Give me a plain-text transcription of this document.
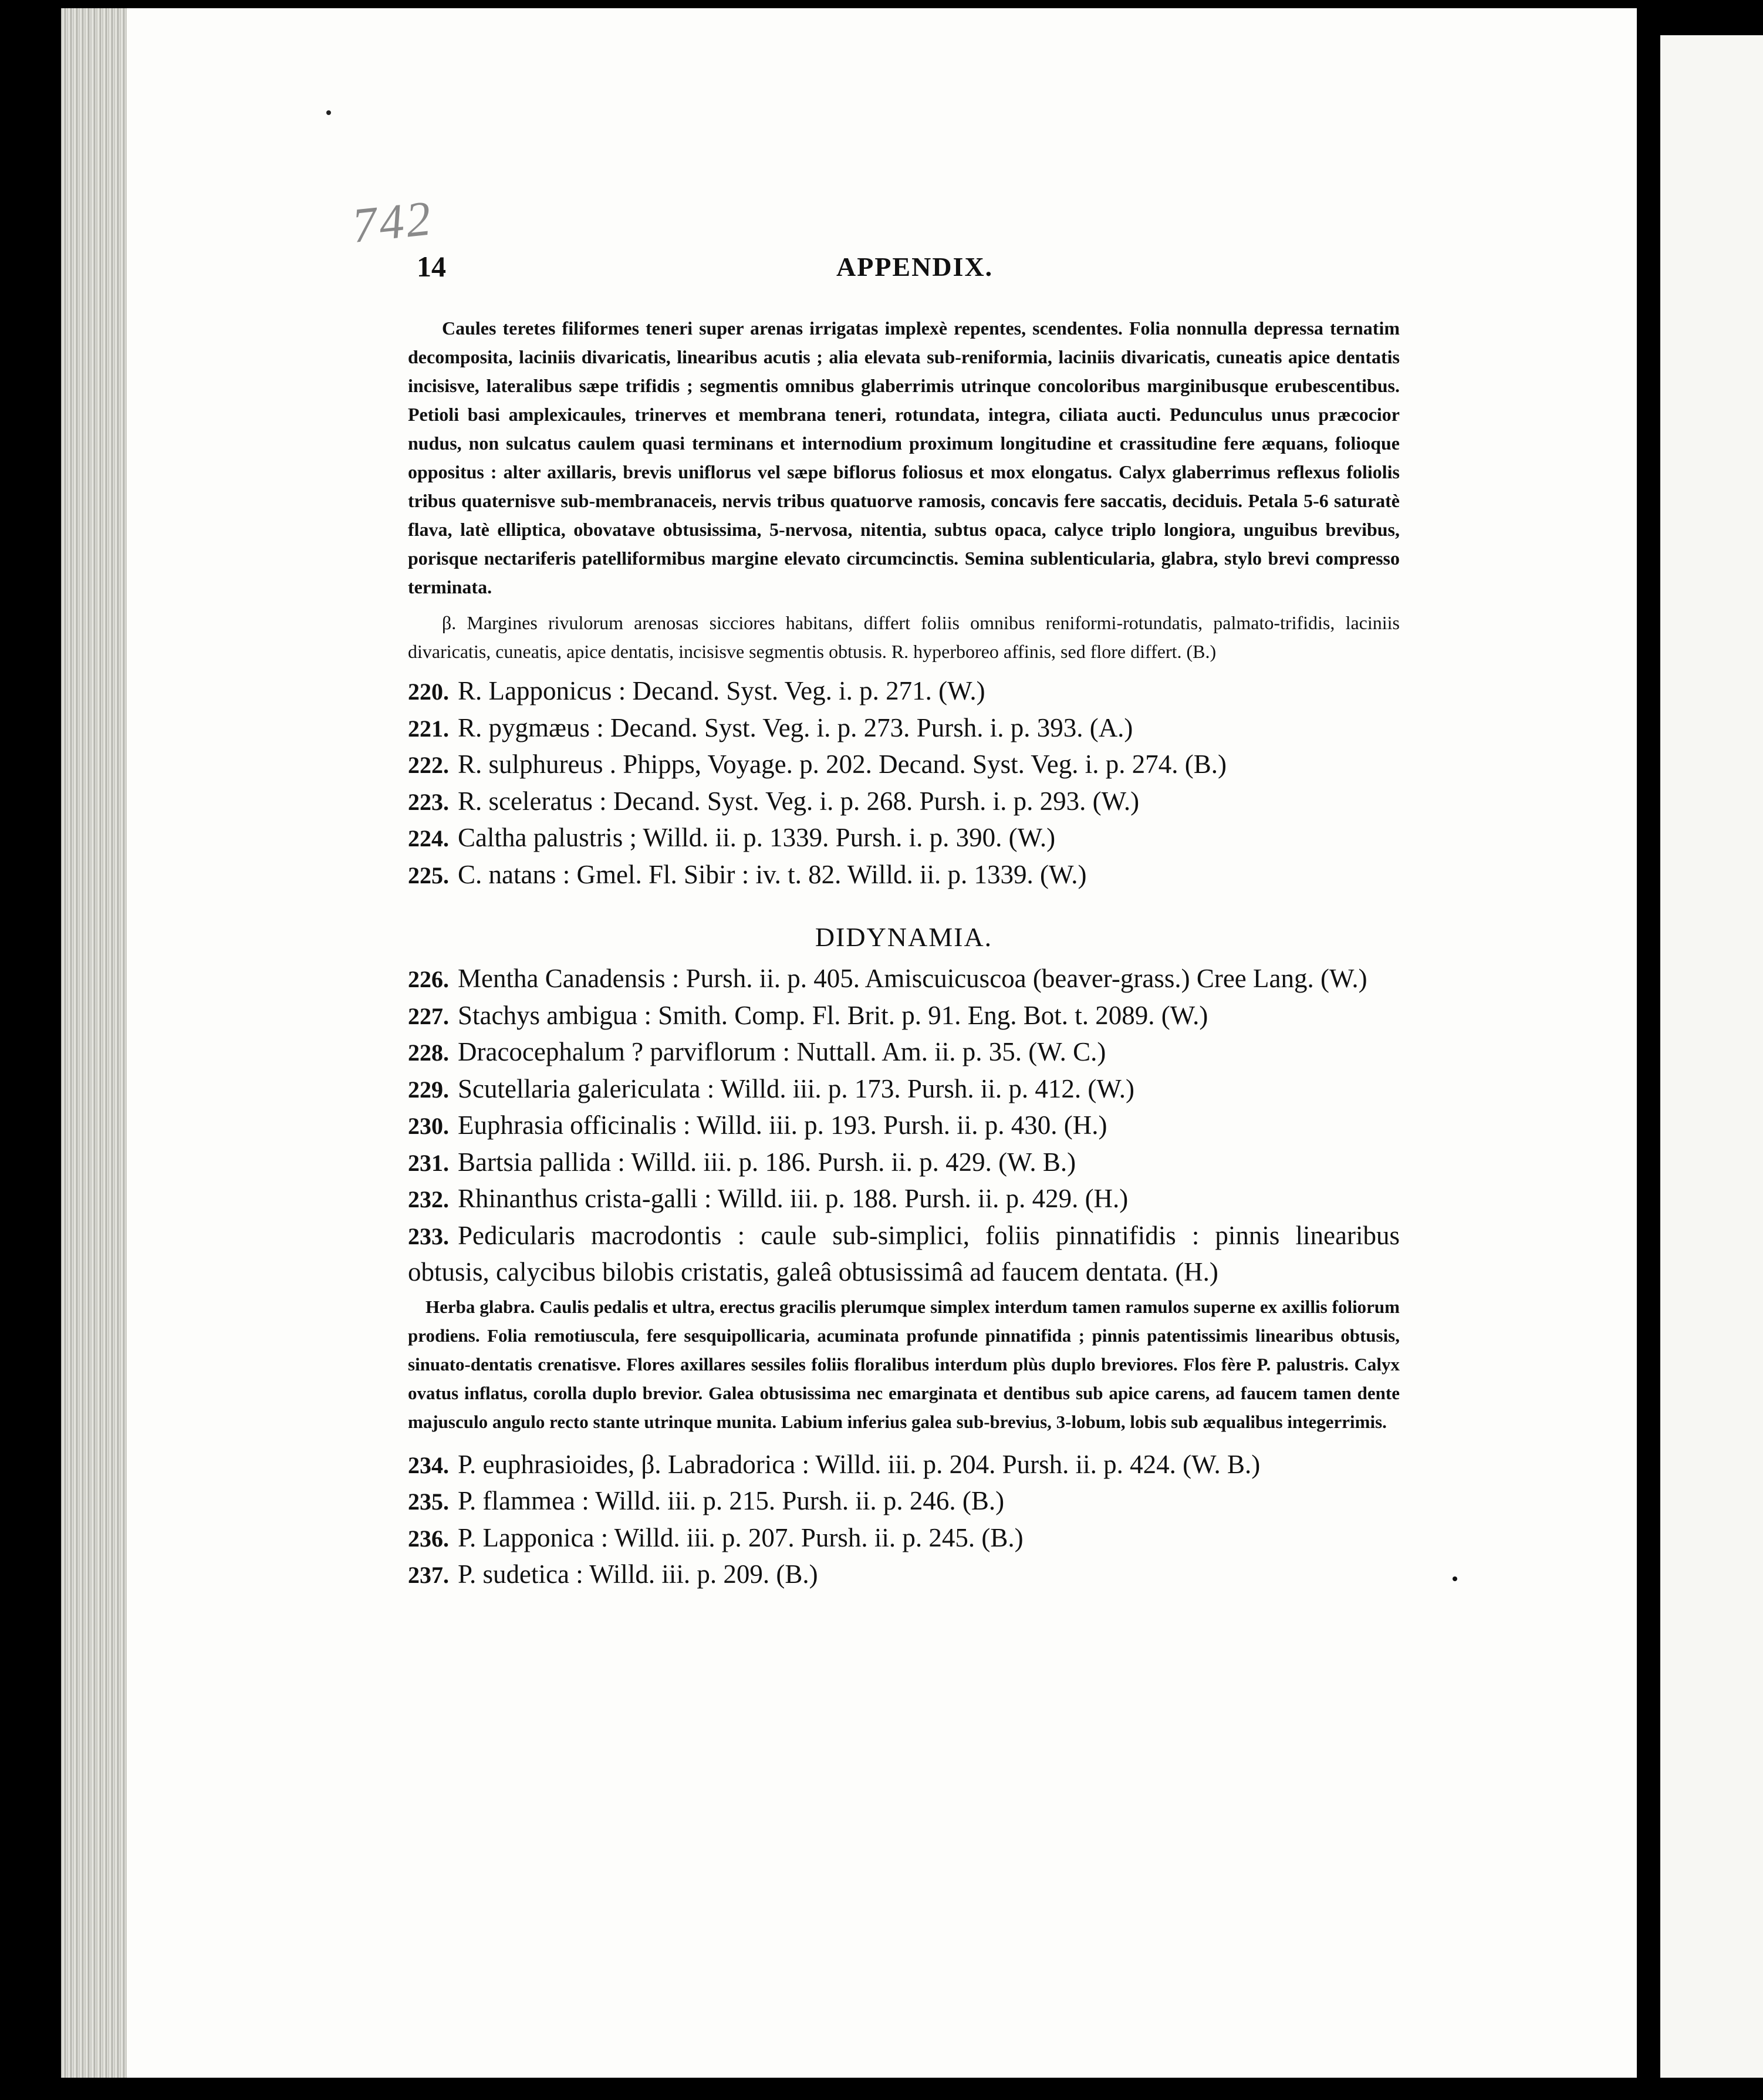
742
14	APPENDIX.

Caules teretes filiformes teneri super arenas irrigatas implexè repentes, scendentes. Folia nonnulla depressa ternatim decomposita, laciniis divaricatis, linearibus acutis ; alia elevata sub-reniformia, laciniis divaricatis, cuneatis apice dentatis incisisve, lateralibus sæpe trifidis ; segmentis omnibus glaberrimis utrinque concoloribus marginibusque erubescentibus. Petioli basi amplexicaules, trinerves et membrana teneri, rotundata, integra, ciliata aucti. Pedunculus unus præcocior nudus, non sulcatus caulem quasi terminans et internodium proximum longitudine et crassitudine fere æquans, folioque oppositus : alter axillaris, brevis uniflorus vel sæpe biflorus foliosus et mox elongatus. Calyx glaberrimus reflexus foliolis tribus quaternisve sub-membranaceis, nervis tribus quatuorve ramosis, concavis fere saccatis, deciduis. Petala 5-6 saturatè flava, latè elliptica, obovatave obtusissima, 5-nervosa, nitentia, subtus opaca, calyce triplo longiora, unguibus brevibus, porisque nectariferis patelliformibus margine elevato circumcinctis. Semina sublenticularia, glabra, stylo brevi compresso terminata.

β. Margines rivulorum arenosas sicciores habitans, differt foliis omnibus reniformi-rotundatis, palmato-trifidis, laciniis divaricatis, cuneatis, apice dentatis, incisisve segmentis obtusis. R. hyperboreo affinis, sed flore differt. (B.)

220. R. Lapponicus : Decand. Syst. Veg. i. p. 271. (W.)
221. R. pygmæus : Decand. Syst. Veg. i. p. 273. Pursh. i. p. 393. (A.)
222. R. sulphureus . Phipps, Voyage. p. 202. Decand. Syst. Veg. i. p. 274. (B.)
223. R. sceleratus : Decand. Syst. Veg. i. p. 268. Pursh. i. p. 293. (W.)
224. Caltha palustris ; Willd. ii. p. 1339. Pursh. i. p. 390. (W.)
225. C. natans : Gmel. Fl. Sibir : iv. t. 82. Willd. ii. p. 1339. (W.)
DIDYNAMIA.
226. Mentha Canadensis : Pursh. ii. p. 405. Amiscuicuscoa (beaver-grass.) Cree Lang. (W.)
227. Stachys ambigua : Smith. Comp. Fl. Brit. p. 91. Eng. Bot. t. 2089. (W.)
228. Dracocephalum ? parviflorum : Nuttall. Am. ii. p. 35. (W. C.)
229. Scutellaria galericulata : Willd. iii. p. 173. Pursh. ii. p. 412. (W.)
230. Euphrasia officinalis : Willd. iii. p. 193. Pursh. ii. p. 430. (H.)
231. Bartsia pallida : Willd. iii. p. 186. Pursh. ii. p. 429. (W. B.)
232. Rhinanthus crista-galli : Willd. iii. p. 188. Pursh. ii. p. 429. (H.)
233. Pedicularis macrodontis : caule sub-simplici, foliis pinnatifidis : pinnis linearibus obtusis, calycibus bilobis cristatis, galeâ obtusissimâ ad faucem dentata. (H.)

Herba glabra. Caulis pedalis et ultra, erectus gracilis plerumque simplex interdum tamen ramulos superne ex axillis foliorum prodiens. Folia remotiuscula, fere sesquipollicaria, acuminata profunde pinnatifida ; pinnis patentissimis linearibus obtusis, sinuato-dentatis crenatisve. Flores axillares sessiles foliis floralibus interdum plùs duplo breviores. Flos fère P. palustris. Calyx ovatus inflatus, corolla duplo brevior. Galea obtusissima nec emarginata et dentibus sub apice carens, ad faucem tamen dente majusculo angulo recto stante utrinque munita. Labium inferius galea sub-brevius, 3-lobum, lobis sub æqualibus integerrimis.

234. P. euphrasioides, β. Labradorica : Willd. iii. p. 204. Pursh. ii. p. 424. (W. B.)
235. P. flammea : Willd. iii. p. 215. Pursh. ii. p. 246. (B.)
236. P. Lapponica : Willd. iii. p. 207. Pursh. ii. p. 245. (B.)
237. P. sudetica : Willd. iii. p. 209. (B.)
